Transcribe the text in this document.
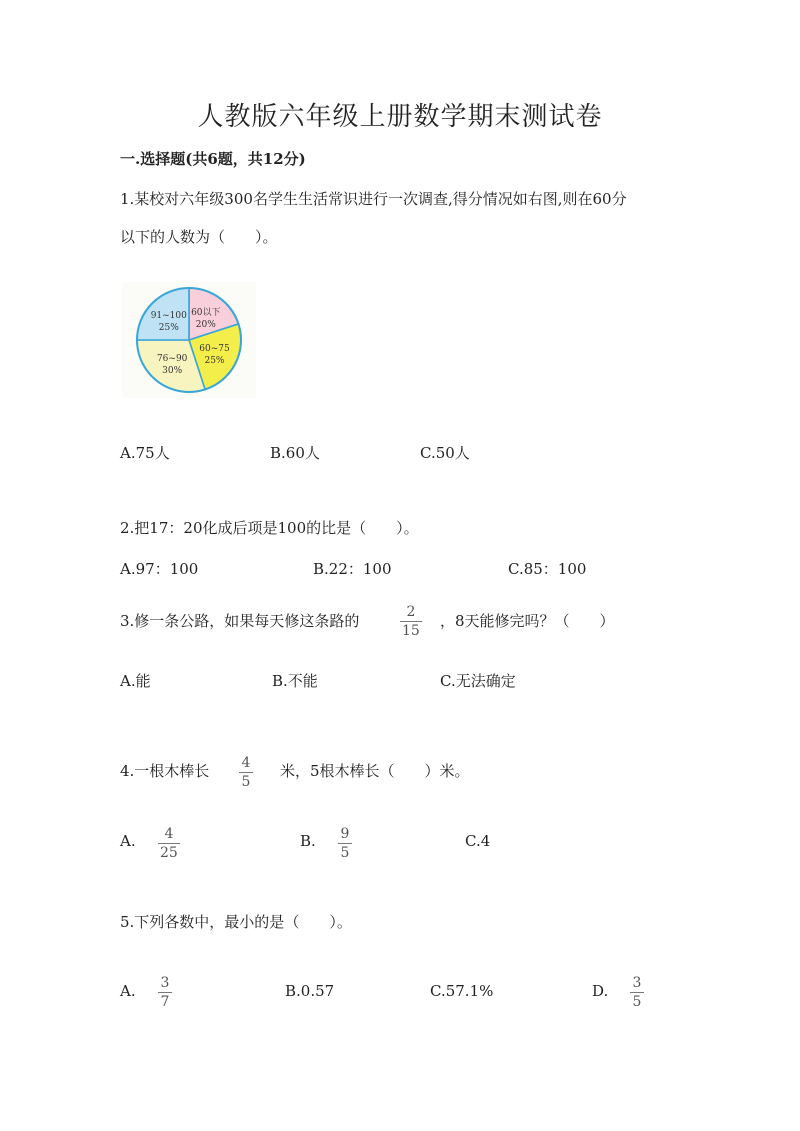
人教版六年级上册数学期末测试卷
一.选择题(共6题，共12分)
1.某校对六年级300名学生生活常识进行一次调查,得分情况如右图,则在60分
以下的人数为（　　）。
60以下
20%
60~75
25%
76~90
30%
91~100
25%
A.75人	B.60人	C.50人
2.把17：20化成后项是100的比是（　　）。
A.97：100	B.22：100	C.85：100
3.修一条公路，如果每天修这条路的	2
15
，8天能修完吗？（　　）
A.能	B.不能	C.无法确定
4.一根木棒长 4
5
米，5根木棒长（　　）米。
A. 4
25
B. 9
5
C.4
5.下列各数中，最小的是（　　）。
A. 3
7
B.0.57	C.57.1%	D. 3
5
